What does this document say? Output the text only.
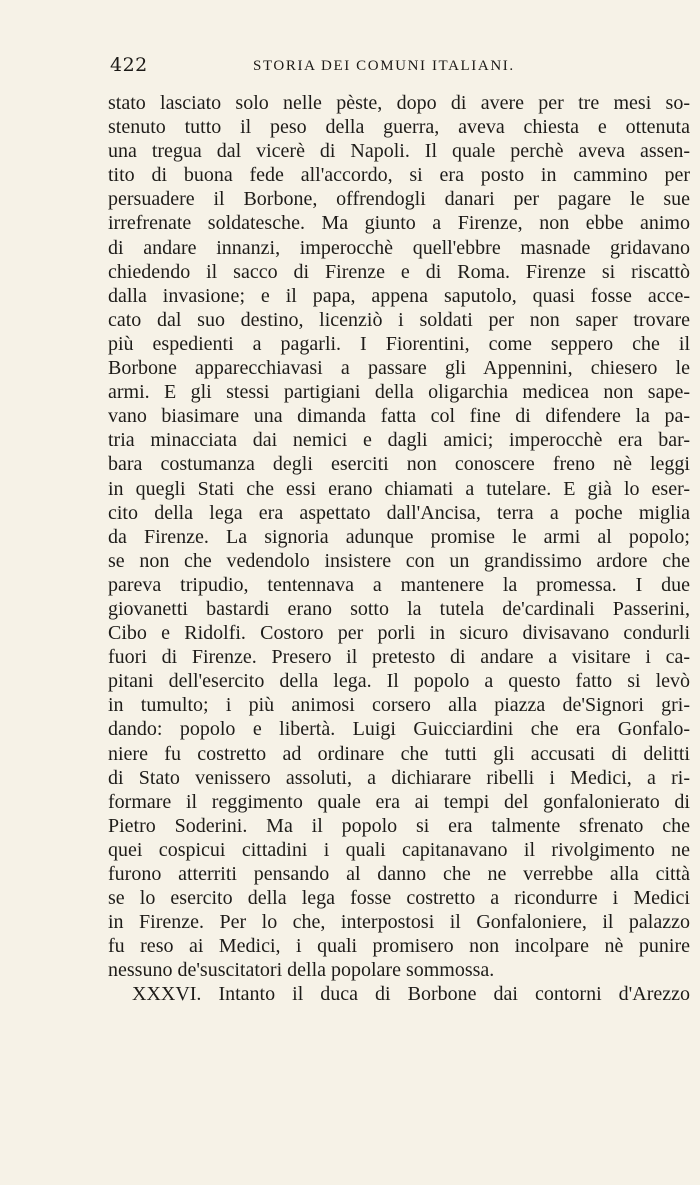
422	STORIA DEI COMUNI ITALIANI.
stato lasciato solo nelle pèste, dopo di avere per tre mesi so-
stenuto tutto il peso della guerra, aveva chiesta e ottenuta
una tregua dal vicerè di Napoli. Il quale perchè aveva assen-
tito di buona fede all'accordo, si era posto in cammino per
persuadere il Borbone, offrendogli danari per pagare le sue
irrefrenate soldatesche. Ma giunto a Firenze, non ebbe animo
di andare innanzi, imperocchè quell'ebbre masnade gridavano
chiedendo il sacco di Firenze e di Roma. Firenze si riscattò
dalla invasione; e il papa, appena saputolo, quasi fosse acce-
cato dal suo destino, licenziò i soldati per non saper trovare
più espedienti a pagarli. I Fiorentini, come seppero che il
Borbone apparecchiavasi a passare gli Appennini, chiesero le
armi. E gli stessi partigiani della oligarchia medicea non sape-
vano biasimare una dimanda fatta col fine di difendere la pa-
tria minacciata dai nemici e dagli amici; imperocchè era bar-
bara costumanza degli eserciti non conoscere freno nè leggi
in quegli Stati che essi erano chiamati a tutelare. E già lo eser-
cito della lega era aspettato dall'Ancisa, terra a poche miglia
da Firenze. La signoria adunque promise le armi al popolo;
se non che vedendolo insistere con un grandissimo ardore che
pareva tripudio, tentennava a mantenere la promessa. I due
giovanetti bastardi erano sotto la tutela de'cardinali Passerini,
Cibo e Ridolfi. Costoro per porli in sicuro divisavano condurli
fuori di Firenze. Presero il pretesto di andare a visitare i ca-
pitani dell'esercito della lega. Il popolo a questo fatto si levò
in tumulto; i più animosi corsero alla piazza de'Signori gri-
dando: popolo e libertà. Luigi Guicciardini che era Gonfalo-
niere fu costretto ad ordinare che tutti gli accusati di delitti
di Stato venissero assoluti, a dichiarare ribelli i Medici, a ri-
formare il reggimento quale era ai tempi del gonfalonierato di
Pietro Soderini. Ma il popolo si era talmente sfrenato che
quei cospicui cittadini i quali capitanavano il rivolgimento ne
furono atterriti pensando al danno che ne verrebbe alla città
se lo esercito della lega fosse costretto a ricondurre i Medici
in Firenze. Per lo che, interpostosi il Gonfaloniere, il palazzo
fu reso ai Medici, i quali promisero non incolpare nè punire
nessuno de'suscitatori della popolare sommossa.
XXXVI. Intanto il duca di Borbone dai contorni d'Arezzo
